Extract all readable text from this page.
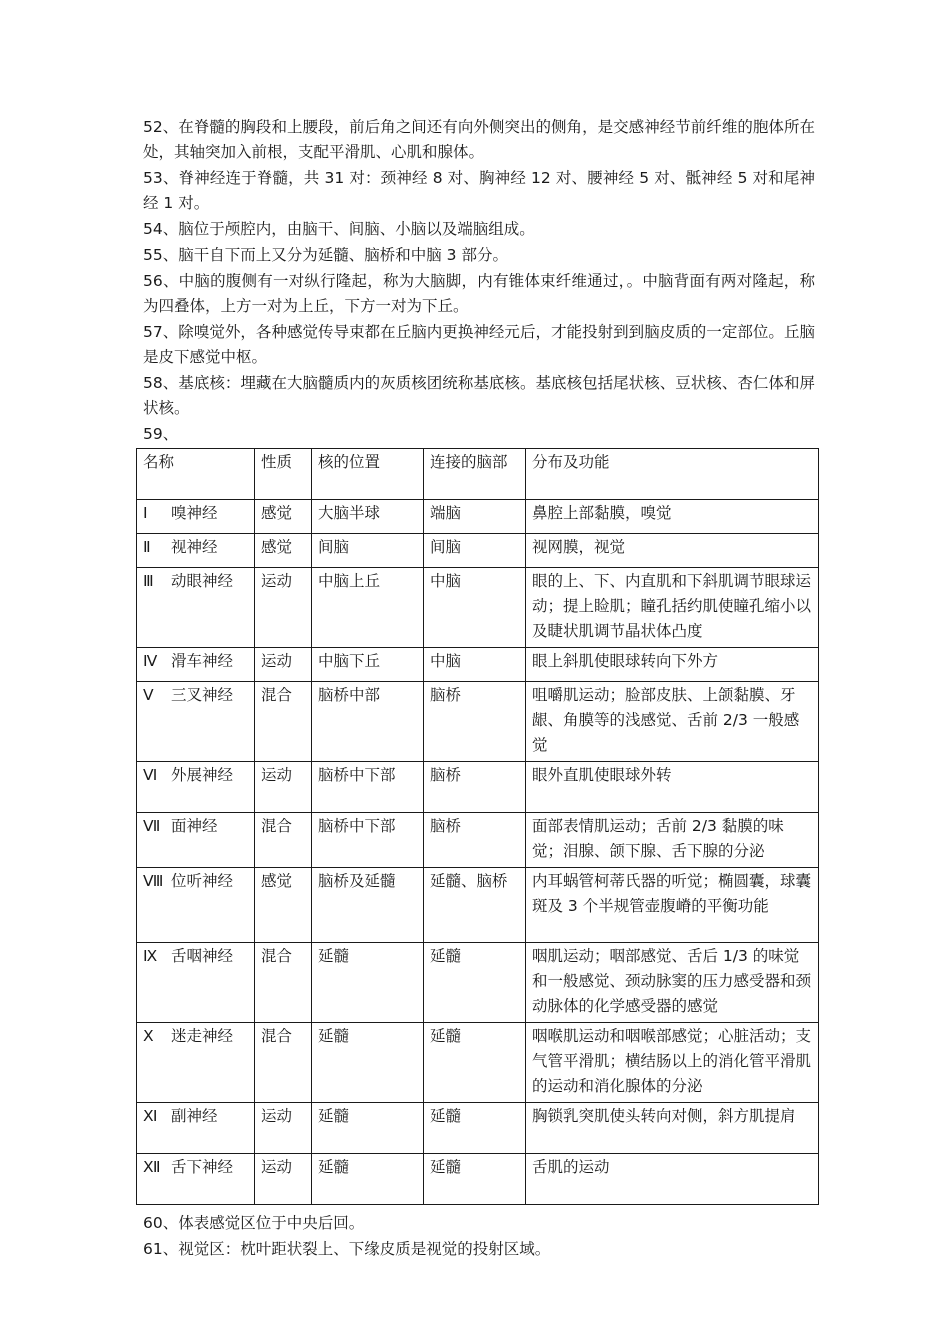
52、在脊髓的胸段和上腰段，前后角之间还有向外侧突出的侧角，是交感神经节前纤维的胞体所在处，其轴突加入前根，支配平滑肌、心肌和腺体。

53、脊神经连于脊髓，共 31 对：颈神经 8 对、胸神经 12 对、腰神经 5 对、骶神经 5 对和尾神经 1 对。

54、脑位于颅腔内，由脑干、间脑、小脑以及端脑组成。

55、脑干自下而上又分为延髓、脑桥和中脑 3 部分。

56、中脑的腹侧有一对纵行隆起，称为大脑脚，内有锥体束纤维通过，。中脑背面有两对隆起，称为四叠体，上方一对为上丘，下方一对为下丘。

57、除嗅觉外，各种感觉传导束都在丘脑内更换神经元后，才能投射到到脑皮质的一定部位。丘脑是皮下感觉中枢。

58、基底核：埋藏在大脑髓质内的灰质核团统称基底核。基底核包括尾状核、豆状核、杏仁体和屏状核。

59、

名称	性质	核的位置	连接的脑部	分布及功能
Ⅰ 嗅神经	感觉	大脑半球	端脑	鼻腔上部黏膜，嗅觉
Ⅱ 视神经	感觉	间脑	间脑	视网膜，视觉
Ⅲ 动眼神经	运动	中脑上丘	中脑	眼的上、下、内直肌和下斜肌调节眼球运动；提上睑肌；瞳孔括约肌使瞳孔缩小以及睫状肌调节晶状体凸度
Ⅳ 滑车神经	运动	中脑下丘	中脑	眼上斜肌使眼球转向下外方
Ⅴ 三叉神经	混合	脑桥中部	脑桥	咀嚼肌运动；脸部皮肤、上颌黏膜、牙龈、角膜等的浅感觉、舌前 2/3 一般感觉
Ⅵ 外展神经	运动	脑桥中下部	脑桥	眼外直肌使眼球外转
Ⅶ 面神经	混合	脑桥中下部	脑桥	面部表情肌运动；舌前 2/3 黏膜的味觉；泪腺、颌下腺、舌下腺的分泌
Ⅷ 位听神经	感觉	脑桥及延髓	延髓、脑桥	内耳蜗管柯蒂氏器的听觉；椭圆囊，球囊斑及 3 个半规管壶腹嵴的平衡功能
Ⅸ 舌咽神经	混合	延髓	延髓	咽肌运动；咽部感觉、舌后 1/3 的味觉和一般感觉、颈动脉窦的压力感受器和颈动脉体的化学感受器的感觉
Ⅹ 迷走神经	混合	延髓	延髓	咽喉肌运动和咽喉部感觉；心脏活动；支气管平滑肌；横结肠以上的消化管平滑肌的运动和消化腺体的分泌
Ⅺ 副神经	运动	延髓	延髓	胸锁乳突肌使头转向对侧，斜方肌提肩
Ⅻ 舌下神经	运动	延髓	延髓	舌肌的运动

60、体表感觉区位于中央后回。

61、视觉区：枕叶距状裂上、下缘皮质是视觉的投射区域。
